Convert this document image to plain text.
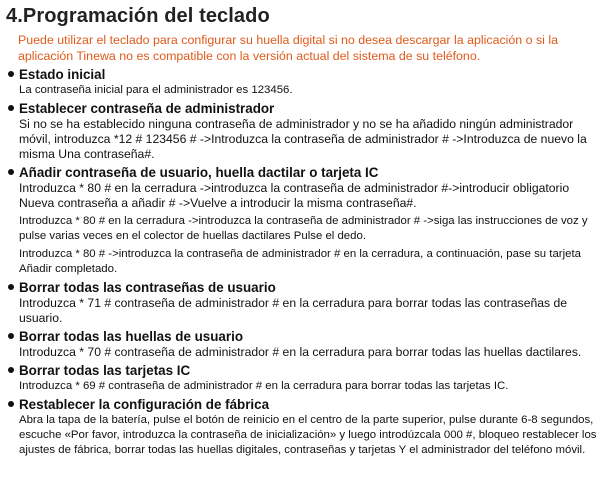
4.Programación del teclado

Puede utilizar el teclado para configurar su huella digital si no desea descargar la aplicación o si la aplicación Tinewa no es compatible con la versión actual del sistema de su teléfono.

Estado inicial

La contraseña inicial para el administrador es 123456.

Establecer contraseña de administrador

Si no se ha establecido ninguna contraseña de administrador y no se ha añadido ningún administrador móvil, introduzca *12 # 123456 # ->Introduzca la contraseña de administrador # ->Introduzca de nuevo la misma Una contraseña#.

Añadir contraseña de usuario, huella dactilar o tarjeta IC

Introduzca * 80 # en la cerradura ->introduzca la contraseña de administrador #->introducir obligatorio Nueva contraseña a añadir # ->Vuelve a introducir la misma contraseña#.

Introduzca * 80 # en la cerradura ->introduzca la contraseña de administrador # ->siga las instrucciones de voz y pulse varias veces en el colector de huellas dactilares Pulse el dedo.

Introduzca * 80 # ->introduzca la contraseña de administrador # en la cerradura, a continuación, pase su tarjeta Añadir completado.

Borrar todas las contraseñas de usuario

Introduzca * 71 # contraseña de administrador # en la cerradura para borrar todas las contraseñas de usuario.

Borrar todas las huellas de usuario

Introduzca * 70 # contraseña de administrador # en la cerradura para borrar todas las huellas dactilares.

Borrar todas las tarjetas IC

Introduzca * 69 # contraseña de administrador # en la cerradura para borrar todas las tarjetas IC.

Restablecer la configuración de fábrica

Abra la tapa de la batería, pulse el botón de reinicio en el centro de la parte superior, pulse durante 6-8 segundos, escuche «Por favor, introduzca la contraseña de inicialización» y luego introdúzcala 000 #, bloqueo restablecer los ajustes de fábrica, borrar todas las huellas digitales, contraseñas y tarjetas Y el administrador del teléfono móvil.
